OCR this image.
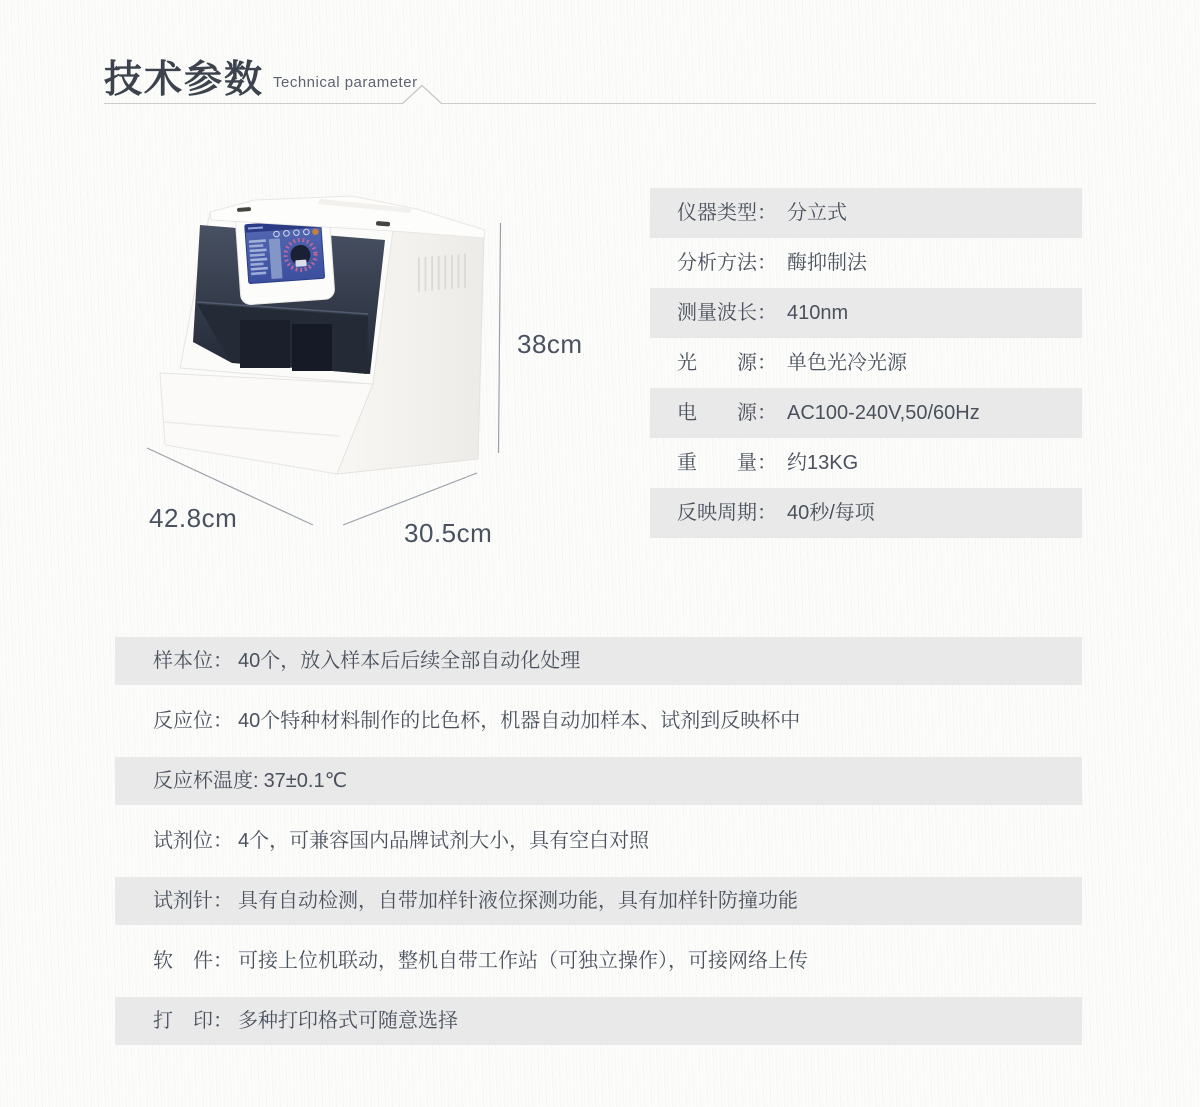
技术参数 Technical parameter
38cm
42.8cm	30.5cm
仪器类型： 分立式
分析方法： 酶抑制法
测量波长： 410nm
光　　源： 单色光冷光源
电　　源： AC100-240V,50/60Hz
重　　量： 约13KG
反映周期： 40秒/每项
样本位： 40个，放入样本后后续全部自动化处理
反应位： 40个特种材料制作的比色杯，机器自动加样本、试剂到反映杯中
反应杯温度: 37±0.1℃
试剂位： 4个，可兼容国内品牌试剂大小，具有空白对照
试剂针： 具有自动检测，自带加样针液位探测功能，具有加样针防撞功能
软　件： 可接上位机联动，整机自带工作站（可独立操作），可接网络上传
打　印： 多种打印格式可随意选择
